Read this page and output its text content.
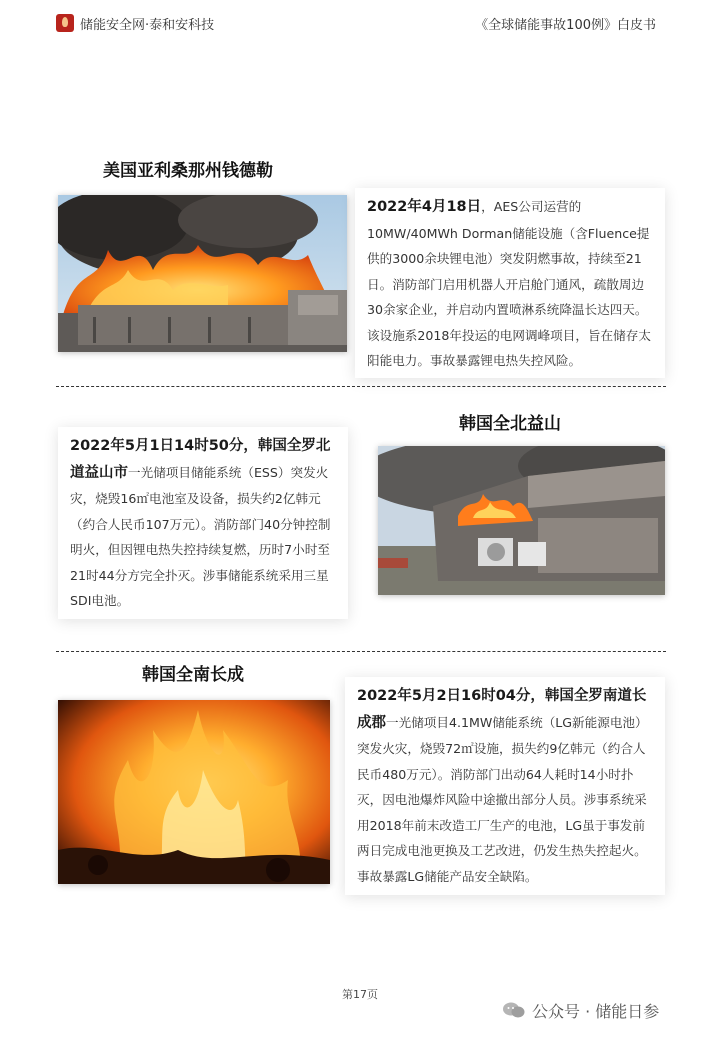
储能安全网·泰和安科技	《全球储能事故100例》白皮书
美国亚利桑那州钱德勒
2022年4月18日，AES公司运营的10MW/40MWh Dorman储能设施（含Fluence提供的3000余块锂电池）突发阴燃事故，持续至21日。消防部门启用机器人开启舱门通风，疏散周边30余家企业，并启动内置喷淋系统降温长达四天。该设施系2018年投运的电网调峰项目，旨在储存太阳能电力。事故暴露锂电热失控风险。
韩国全北益山
2022年5月1日14时50分，韩国全罗北道益山市一光储项目储能系统（ESS）突发火灾，烧毁16㎡电池室及设备，损失约2亿韩元（约合人民币107万元）。消防部门40分钟控制明火，但因锂电热失控持续复燃，历时7小时至21时44分方完全扑灭。涉事储能系统采用三星SDI电池。
韩国全南长成
2022年5月2日16时04分，韩国全罗南道长成郡一光储项目4.1MW储能系统（LG新能源电池）突发火灾，烧毁72㎡设施，损失约9亿韩元（约合人民币480万元）。消防部门出动64人耗时14小时扑灭，因电池爆炸风险中途撤出部分人员。涉事系统采用2018年前末改造工厂生产的电池，LG虽于事发前两日完成电池更换及工艺改进，仍发生热失控起火。事故暴露LG储能产品安全缺陷。
第17页
公众号 · 储能日参
